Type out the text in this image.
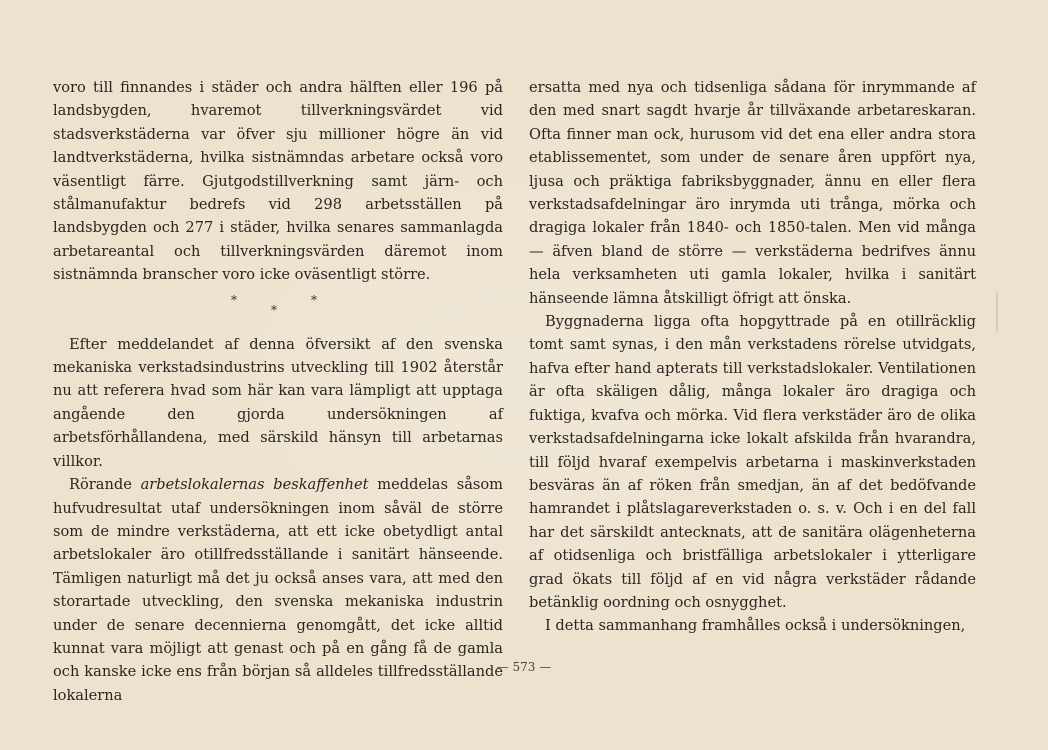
voro till finnandes i städer och andra hälften eller 196 på landsbygden, hvaremot tillverkningsvärdet vid stadsverkstäderna var öfver sju millioner högre än vid landtverkstäderna, hvilka sistnämndas arbetare också voro väsentligt färre. Gjutgodstillverkning samt järn- och stålmanufaktur bedrefs vid 298 arbetsställen på landsbygden och 277 i städer, hvilka senares sammanlagda arbetareantal och tillverkningsvärden däremot inom sistnämnda branscher voro icke oväsentligt större.

*
*
*

Efter meddelandet af denna öfversikt af den svenska mekaniska verkstadsindustrins utveckling till 1902 återstår nu att referera hvad som här kan vara lämpligt att upptaga angående den gjorda undersökningen af arbetsförhållandena, med särskild hänsyn till arbetarnas villkor.

Rörande arbetslokalernas beskaffenhet meddelas såsom hufvudresultat utaf undersökningen inom såväl de större som de mindre verkstäderna, att ett icke obetydligt antal arbetslokaler äro otillfredsställande i sanitärt hänseende. Tämligen naturligt må det ju också anses vara, att med den storartade utveckling, den svenska mekaniska industrin under de senare decennierna genomgått, det icke alltid kunnat vara möjligt att genast och på en gång få de gamla och kanske icke ens från början så alldeles tillfredsställande lokalerna

ersatta med nya och tidsenliga sådana för inrymmande af den med snart sagdt hvarje år tillväxande arbetareskaran. Ofta finner man ock, hurusom vid det ena eller andra stora etablissementet, som under de senare åren uppfört nya, ljusa och präktiga fabriksbyggnader, ännu en eller flera verkstadsafdelningar äro inrymda uti trånga, mörka och dragiga lokaler från 1840- och 1850-talen. Men vid många — äfven bland de större — verkstäderna bedrifves ännu hela verksamheten uti gamla lokaler, hvilka i sanitärt hänseende lämna åtskilligt öfrigt att önska.

Byggnaderna ligga ofta hopgyttrade på en otillräcklig tomt samt synas, i den mån verkstadens rörelse utvidgats, hafva efter hand apterats till verkstadslokaler. Ventilationen är ofta skäligen dålig, många lokaler äro dragiga och fuktiga, kvafva och mörka. Vid flera verkstäder äro de olika verkstadsafdelningarna icke lokalt afskilda från hvarandra, till följd hvaraf exempelvis arbetarna i maskinverkstaden besväras än af röken från smedjan, än af det bedöfvande hamrandet i plåtslagareverkstaden o. s. v. Och i en del fall har det särskildt antecknats, att de sanitära olägenheterna af otidsenliga och bristfälliga arbetslokaler i ytterligare grad ökats till följd af en vid några verkstäder rådande betänklig oordning och osnygghet.

I detta sammanhang framhålles också i undersökningen,

— 573 —
